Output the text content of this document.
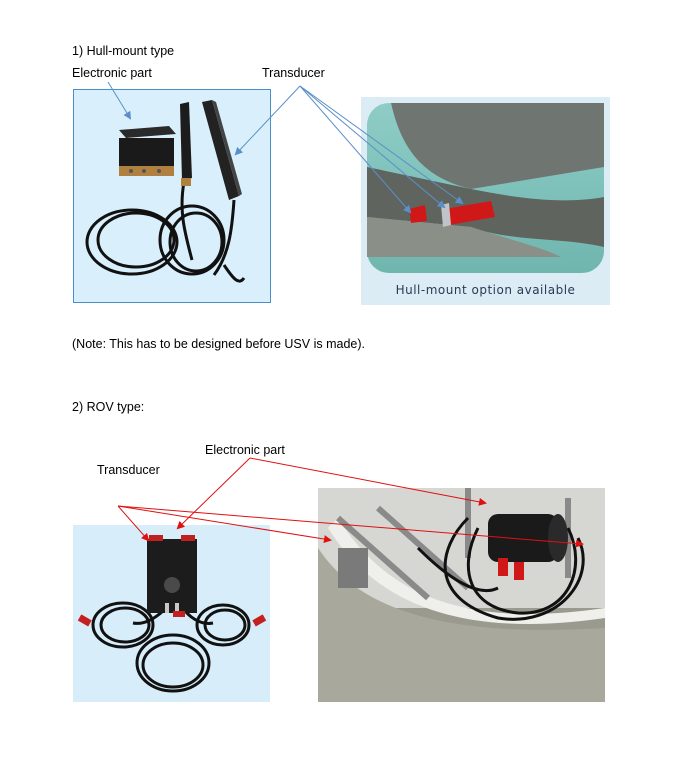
1) Hull-mount type
Electronic part	Transducer
Hull-mount option available
(Note: This has to be designed before USV is made).
2) ROV type:
Electronic part
Transducer
